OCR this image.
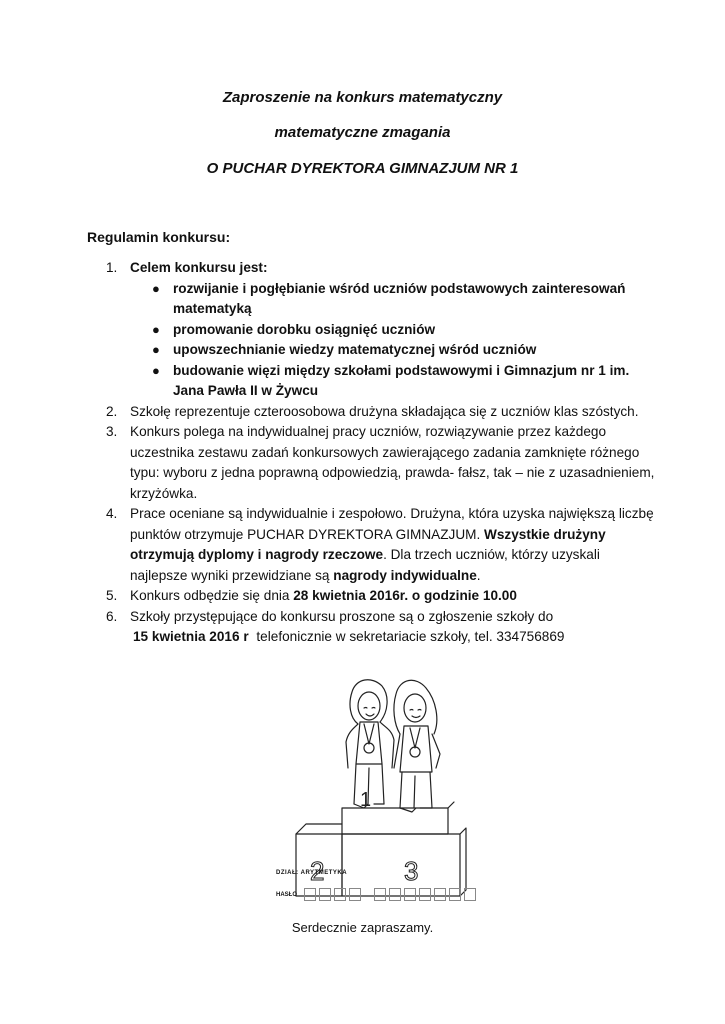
Zaproszenie na konkurs matematyczny
matematyczne zmagania
O PUCHAR DYREKTORA GIMNAZJUM NR 1
Regulamin konkursu:
1. Celem konkursu jest:
● rozwijanie i pogłębianie wśród uczniów podstawowych zainteresowań matematyką
● promowanie dorobku osiągnięć uczniów
● upowszechnianie wiedzy matematycznej wśród uczniów
● budowanie więzi między szkołami podstawowymi i Gimnazjum nr 1 im. Jana Pawła II w Żywcu
2. Szkołę reprezentuje czteroosobowa drużyna składająca się z uczniów klas szóstych.
3. Konkurs polega na indywidualnej pracy uczniów, rozwiązywanie przez każdego uczestnika zestawu zadań konkursowych zawierającego zadania zamknięte różnego typu: wyboru z jedna poprawną odpowiedzią, prawda- fałsz, tak – nie z uzasadnieniem, krzyżówka.
4. Prace oceniane są indywidualnie i zespołowo. Drużyna, która uzyska największą liczbę punktów otrzymuje PUCHAR DYREKTORA GIMNAZJUM. Wszystkie drużyny otrzymują dyplomy i nagrody rzeczowe. Dla trzech uczniów, którzy uzyskali najlepsze wyniki przewidziane są nagrody indywidualne.
5. Konkurs odbędzie się dnia 28 kwietnia 2016r. o godzinie 10.00
6. Szkoły przystępujące do konkursu proszone są o zgłoszenie szkoły do
15 kwietnia 2016 r telefonicznie w sekretariacie szkoły, tel. 334756869
1
2	3
DZIAŁ: ARYTMETYKA
HASŁO
Serdecznie zapraszamy.
